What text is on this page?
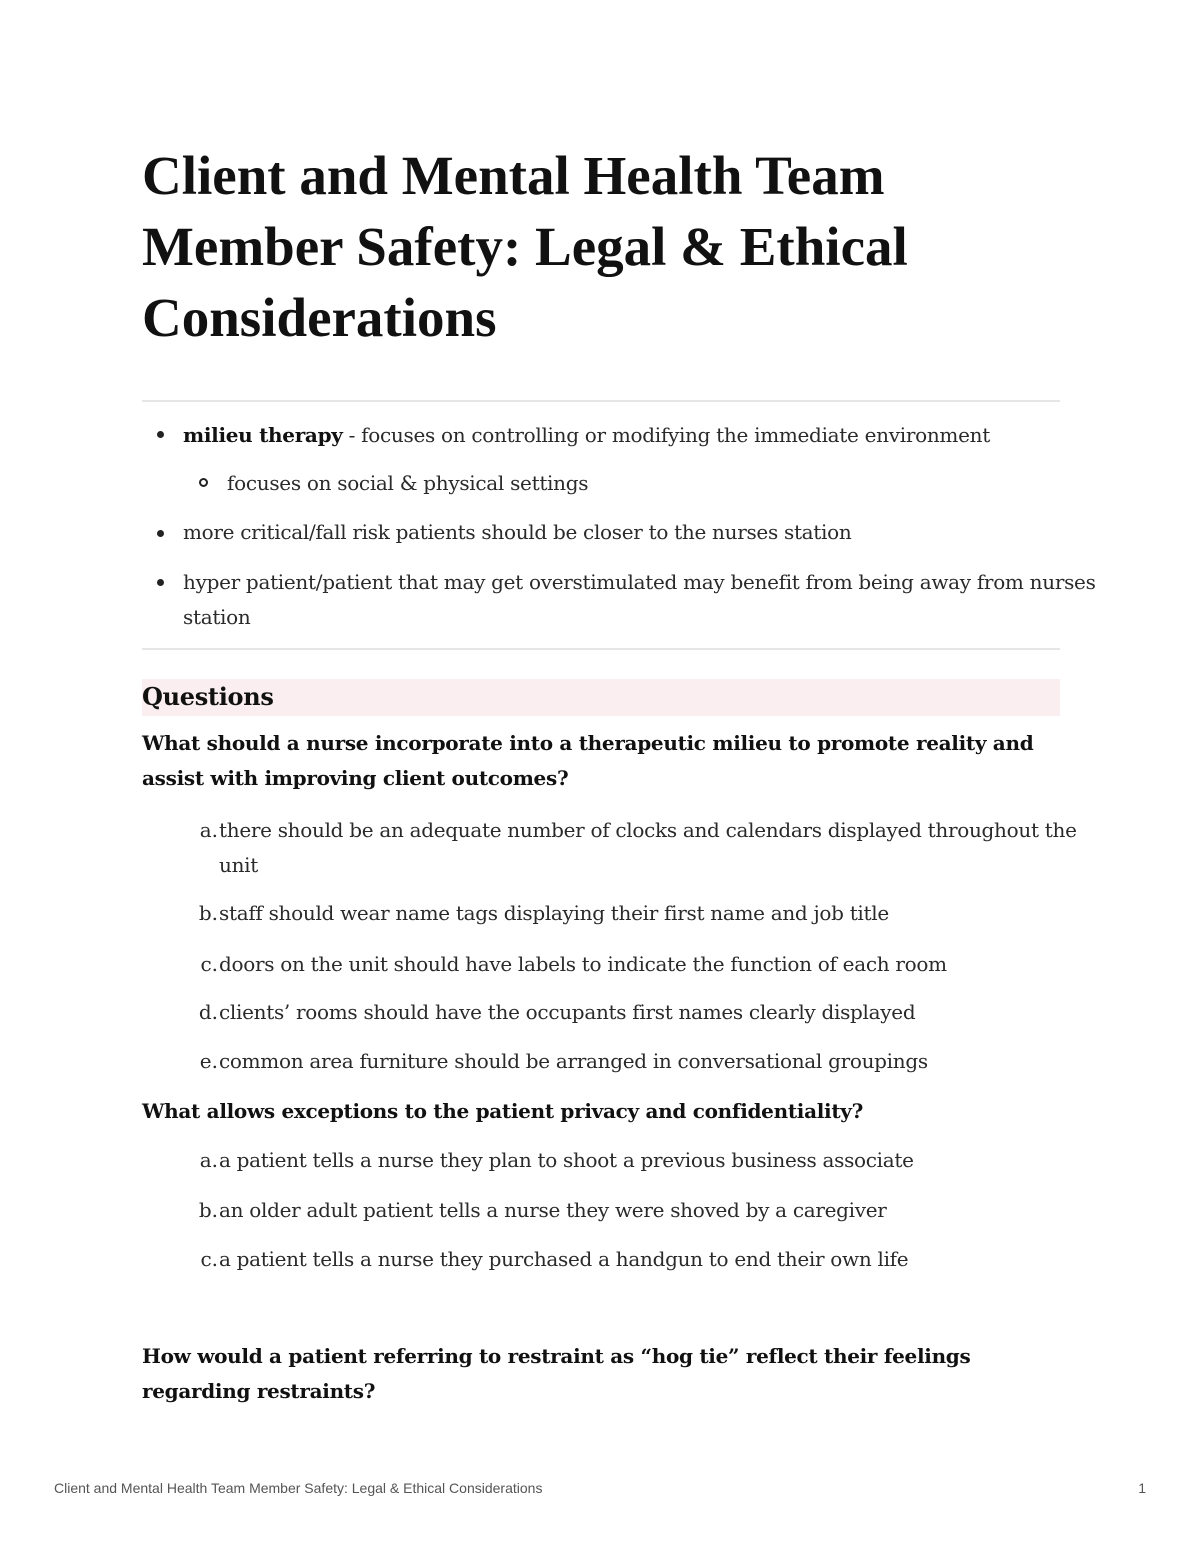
Client and Mental Health Team Member Safety: Legal & Ethical Considerations
milieu therapy - focuses on controlling or modifying the immediate environment
focuses on social & physical settings
more critical/fall risk patients should be closer to the nurses station
hyper patient/patient that may get overstimulated may benefit from being away from nurses
station
Questions
What should a nurse incorporate into a therapeutic milieu to promote reality and assist with improving client outcomes?
a. there should be an adequate number of clocks and calendars displayed throughout the
unit
b. staff should wear name tags displaying their first name and job title
c. doors on the unit should have labels to indicate the function of each room
d. clients’ rooms should have the occupants first names clearly displayed
e. common area furniture should be arranged in conversational groupings
What allows exceptions to the patient privacy and confidentiality?
a. a patient tells a nurse they plan to shoot a previous business associate
b. an older adult patient tells a nurse they were shoved by a caregiver
c. a patient tells a nurse they purchased a handgun to end their own life
How would a patient referring to restraint as “hog tie” reflect their feelings regarding restraints?
Client and Mental Health Team Member Safety: Legal & Ethical Considerations	1
